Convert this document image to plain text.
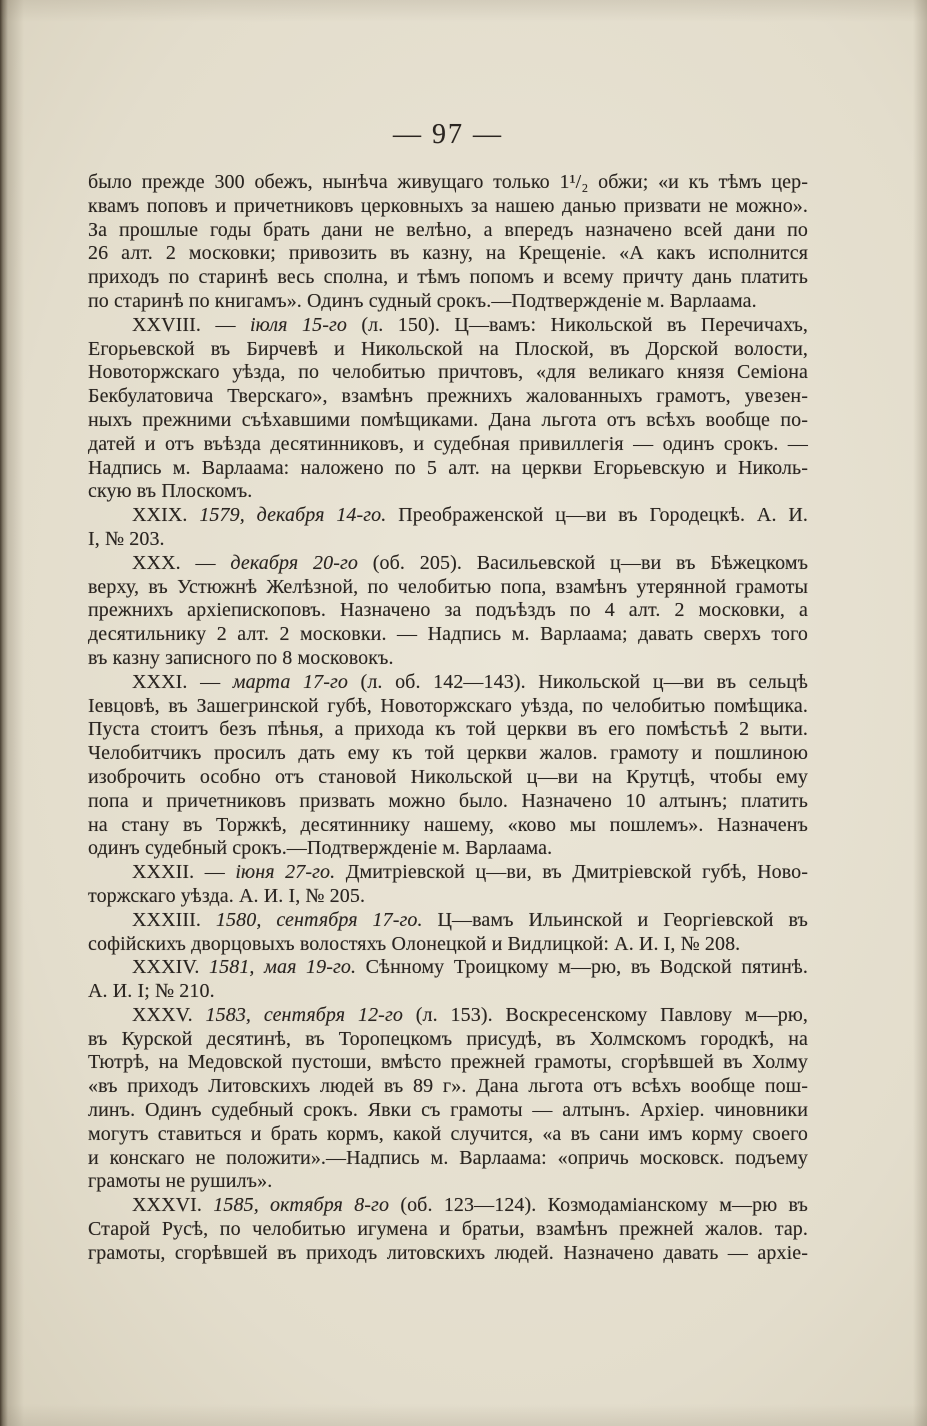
— 97 —
было прежде 300 обежъ, нынѣча живущаго только 1¹/₂ обжи; «и къ тѣмъ цер-
квамъ поповъ и причетниковъ церковныхъ за нашею данью призвати не можно».
За прошлые годы брать дани не велѣно, а впередъ назначено всей дани по
26 алт. 2 московки; привозить въ казну, на Крещеніе. «А какъ исполнится
приходъ по старинѣ весь сполна, и тѣмъ попомъ и всему причту дань платить
по старинѣ по книгамъ». Одинъ судный срокъ.—Подтвержденіе м. Варлаама.
XXVIII. — іюля 15-го (л. 150). Ц—вамъ: Никольской въ Перечичахъ,
Егорьевской въ Бирчевѣ и Никольской на Плоской, въ Дорской волости,
Новоторжскаго уѣзда, по челобитью причтовъ, «для великаго князя Семіона
Бекбулатовича Тверскаго», взамѣнъ прежнихъ жалованныхъ грамотъ, увезен-
ныхъ прежними съѣхавшими помѣщиками. Дана льгота отъ всѣхъ вообще по-
датей и отъ въѣзда десятинниковъ, и судебная привиллегія — одинъ срокъ. —
Надпись м. Варлаама: наложено по 5 алт. на церкви Егорьевскую и Николь-
скую въ Плоскомъ.
XXIX. 1579, декабря 14-го. Преображенской ц—ви въ Городецкѣ. А. И.
I, № 203.
XXX. — декабря 20-го (об. 205). Васильевской ц—ви въ Бѣжецкомъ
верху, въ Устюжнѣ Желѣзной, по челобитью попа, взамѣнъ утерянной грамоты
прежнихъ архіепископовъ. Назначено за подъѣздъ по 4 алт. 2 московки, а
десятильнику 2 алт. 2 московки. — Надпись м. Варлаама; давать сверхъ того
въ казну записного по 8 московокъ.
XXXI. — марта 17-го (л. об. 142—143). Никольской ц—ви въ сельцѣ
Іевцовѣ, въ Зашегринской губѣ, Новоторжскаго уѣзда, по челобитью помѣщика.
Пуста стоитъ безъ пѣнья, а прихода къ той церкви въ его помѣстьѣ 2 выти.
Челобитчикъ просилъ дать ему къ той церкви жалов. грамоту и пошлиною
изоброчить особно отъ становой Никольской ц—ви на Крутцѣ, чтобы ему
попа и причетниковъ призвать можно было. Назначено 10 алтынъ; платить
на стану въ Торжкѣ, десятиннику нашему, «ково мы пошлемъ». Назначенъ
одинъ судебный срокъ.—Подтвержденіе м. Варлаама.
XXXII. — іюня 27-го. Дмитріевской ц—ви, въ Дмитріевской губѣ, Ново-
торжскаго уѣзда. А. И. I, № 205.
XXXIII. 1580, сентября 17-го. Ц—вамъ Ильинской и Георгіевской въ
софійскихъ дворцовыхъ волостяхъ Олонецкой и Видлицкой: А. И. I, № 208.
XXXIV. 1581, мая 19-го. Сѣнному Троицкому м—рю, въ Водской пятинѣ.
А. И. I; № 210.
XXXV. 1583, сентября 12-го (л. 153). Воскресенскому Павлову м—рю,
въ Курской десятинѣ, въ Торопецкомъ присудѣ, въ Холмскомъ городкѣ, на
Тютрѣ, на Медовской пустоши, вмѣсто прежней грамоты, сгорѣвшей въ Холму
«въ приходъ Литовскихъ людей въ 89 г». Дана льгота отъ всѣхъ вообще пош-
линъ. Одинъ судебный срокъ. Явки съ грамоты — алтынъ. Архіер. чиновники
могутъ ставиться и брать кормъ, какой случится, «а въ сани имъ корму своего
и конскаго не положити».—Надпись м. Варлаама: «опричь московск. подъему
грамоты не рушилъ».
XXXVI. 1585, октября 8-го (об. 123—124). Козмодаміанскому м—рю въ
Старой Русѣ, по челобитью игумена и братьи, взамѣнъ прежней жалов. тар.
грамоты, сгорѣвшей въ приходъ литовскихъ людей. Назначено давать — архіе-
